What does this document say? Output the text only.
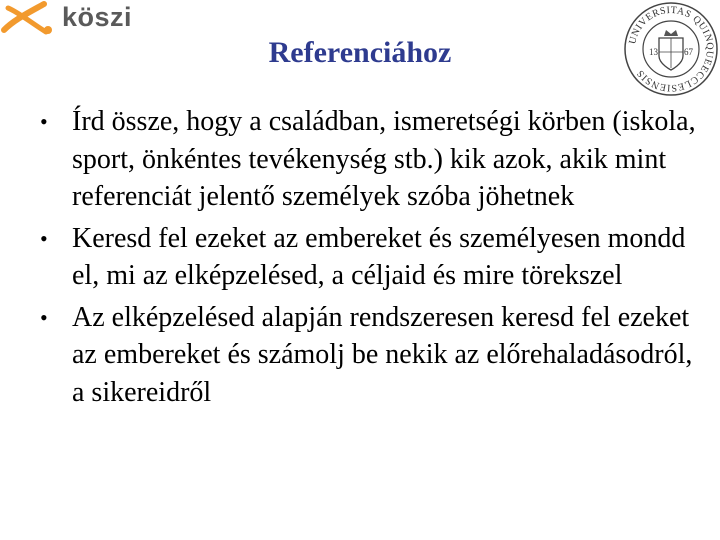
köszi
UNIVERSITAS QUINQUEECCLESIENSIS
13	67
Referenciához
• Írd össze, hogy a családban, ismeretségi körben (iskola, sport, önkéntes tevékenység stb.) kik azok, akik mint referenciát jelentő személyek szóba jöhetnek
• Keresd fel ezeket az embereket és személyesen mondd el, mi az elképzelésed, a céljaid és mire törekszel
• Az elképzelésed alapján rendszeresen keresd fel ezeket az embereket és számolj be nekik az előrehaladásodról, a sikereidről
